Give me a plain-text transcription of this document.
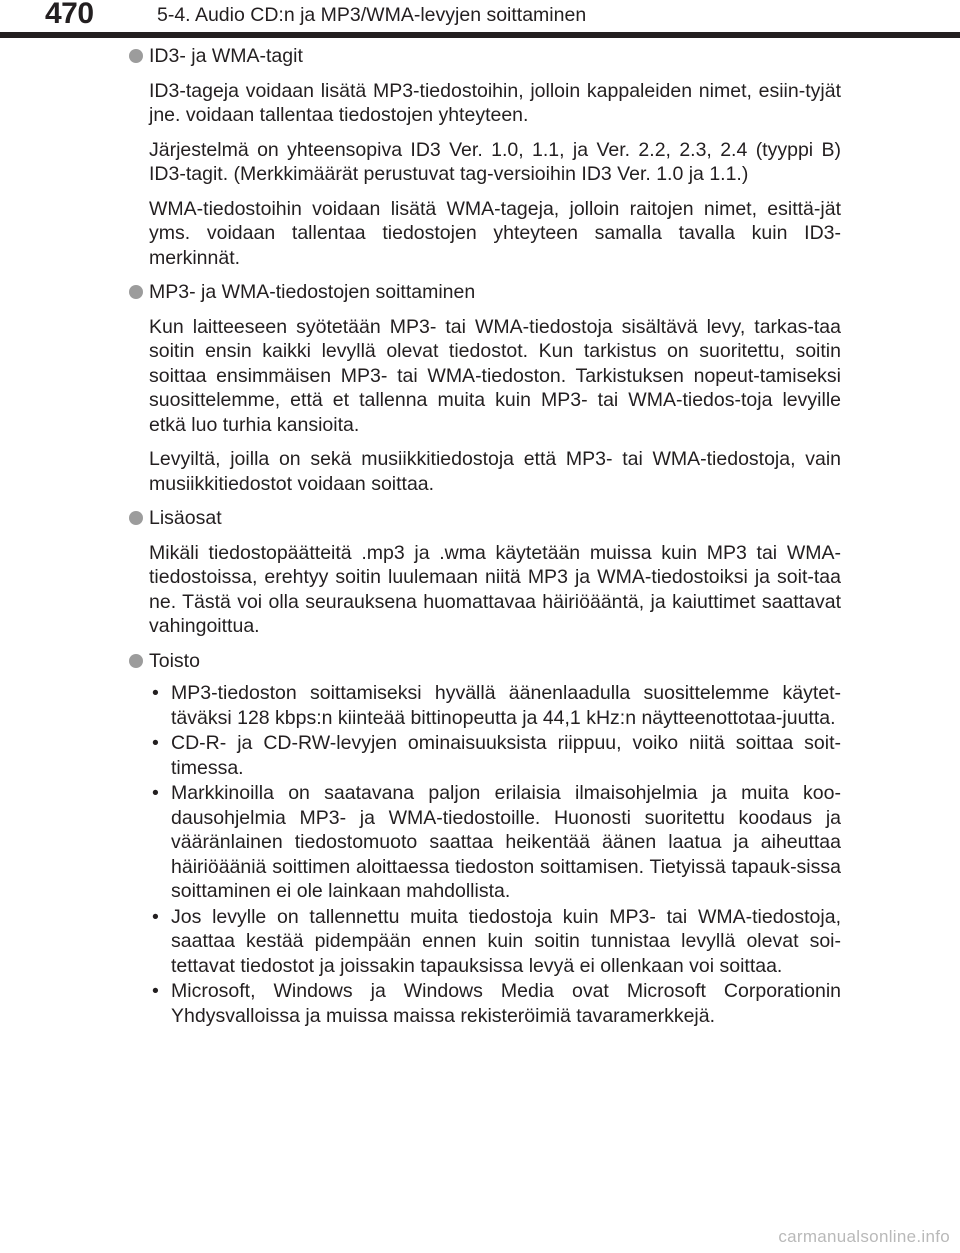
470	5-4. Audio CD:n ja MP3/WMA-levyjen soittaminen
ID3- ja WMA-tagit

ID3-tageja voidaan lisätä MP3-tiedostoihin, jolloin kappaleiden nimet, esiin-tyjät jne. voidaan tallentaa tiedostojen yhteyteen.

Järjestelmä on yhteensopiva ID3 Ver. 1.0, 1.1, ja Ver. 2.2, 2.3, 2.4 (tyyppi B) ID3-tagit. (Merkkimäärät perustuvat tag-versioihin ID3 Ver. 1.0 ja 1.1.)

WMA-tiedostoihin voidaan lisätä WMA-tageja, jolloin raitojen nimet, esittä-jät yms. voidaan tallentaa tiedostojen yhteyteen samalla tavalla kuin ID3-merkinnät.

MP3- ja WMA-tiedostojen soittaminen

Kun laitteeseen syötetään MP3- tai WMA-tiedostoja sisältävä levy, tarkas-taa soitin ensin kaikki levyllä olevat tiedostot. Kun tarkistus on suoritettu, soitin soittaa ensimmäisen MP3- tai WMA-tiedoston. Tarkistuksen nopeut-tamiseksi suosittelemme, että et tallenna muita kuin MP3- tai WMA-tiedos-toja levyille etkä luo turhia kansioita.

Levyiltä, joilla on sekä musiikkitiedostoja että MP3- tai WMA-tiedostoja, vain musiikkitiedostot voidaan soittaa.

Lisäosat

Mikäli tiedostopäätteitä .mp3 ja .wma käytetään muissa kuin MP3 tai WMA-tiedostoissa, erehtyy soitin luulemaan niitä MP3 ja WMA-tiedostoiksi ja soit-taa ne. Tästä voi olla seurauksena huomattavaa häiriöääntä, ja kaiuttimet saattavat vahingoittua.

Toisto
• MP3-tiedoston soittamiseksi hyvällä äänenlaadulla suosittelemme käytet-täväksi 128 kbps:n kiinteää bittinopeutta ja 44,1 kHz:n näytteenottotaa-juutta.
• CD-R- ja CD-RW-levyjen ominaisuuksista riippuu, voiko niitä soittaa soit-timessa.
• Markkinoilla on saatavana paljon erilaisia ilmaisohjelmia ja muita koo-dausohjelmia MP3- ja WMA-tiedostoille. Huonosti suoritettu koodaus ja vääränlainen tiedostomuoto saattaa heikentää äänen laatua ja aiheuttaa häiriöääniä soittimen aloittaessa tiedoston soittamisen. Tietyissä tapauk-sissa soittaminen ei ole lainkaan mahdollista.
• Jos levylle on tallennettu muita tiedostoja kuin MP3- tai WMA-tiedostoja, saattaa kestää pidempään ennen kuin soitin tunnistaa levyllä olevat soi-tettavat tiedostot ja joissakin tapauksissa levyä ei ollenkaan voi soittaa.
• Microsoft, Windows ja Windows Media ovat Microsoft Corporationin Yhdysvalloissa ja muissa maissa rekisteröimiä tavaramerkkejä.
carmanualsonline.info
